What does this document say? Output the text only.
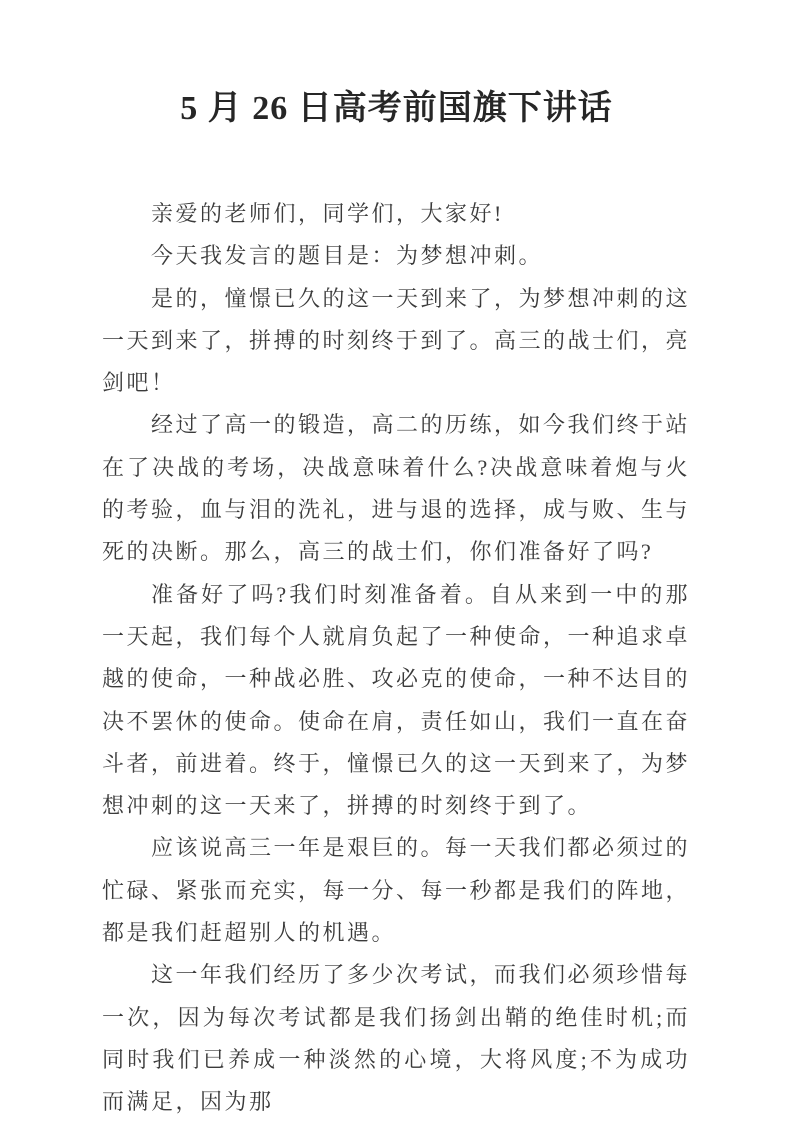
5 月 26 日高考前国旗下讲话

亲爱的老师们，同学们，大家好!

今天我发言的题目是：为梦想冲刺。

是的，憧憬已久的这一天到来了，为梦想冲刺的这一天到来了，拼搏的时刻终于到了。高三的战士们，亮剑吧！

经过了高一的锻造，高二的历练，如今我们终于站在了决战的考场，决战意味着什么?决战意味着炮与火的考验，血与泪的洗礼，进与退的选择，成与败、生与死的决断。那么，高三的战士们，你们准备好了吗?

准备好了吗?我们时刻准备着。自从来到一中的那一天起，我们每个人就肩负起了一种使命，一种追求卓越的使命，一种战必胜、攻必克的使命，一种不达目的决不罢休的使命。使命在肩，责任如山，我们一直在奋斗者，前进着。终于，憧憬已久的这一天到来了，为梦想冲刺的这一天来了，拼搏的时刻终于到了。

应该说高三一年是艰巨的。每一天我们都必须过的忙碌、紧张而充实，每一分、每一秒都是我们的阵地，都是我们赶超别人的机遇。

这一年我们经历了多少次考试，而我们必须珍惜每一次，因为每次考试都是我们扬剑出鞘的绝佳时机;而同时我们已养成一种淡然的心境，大将风度;不为成功而满足，因为那
